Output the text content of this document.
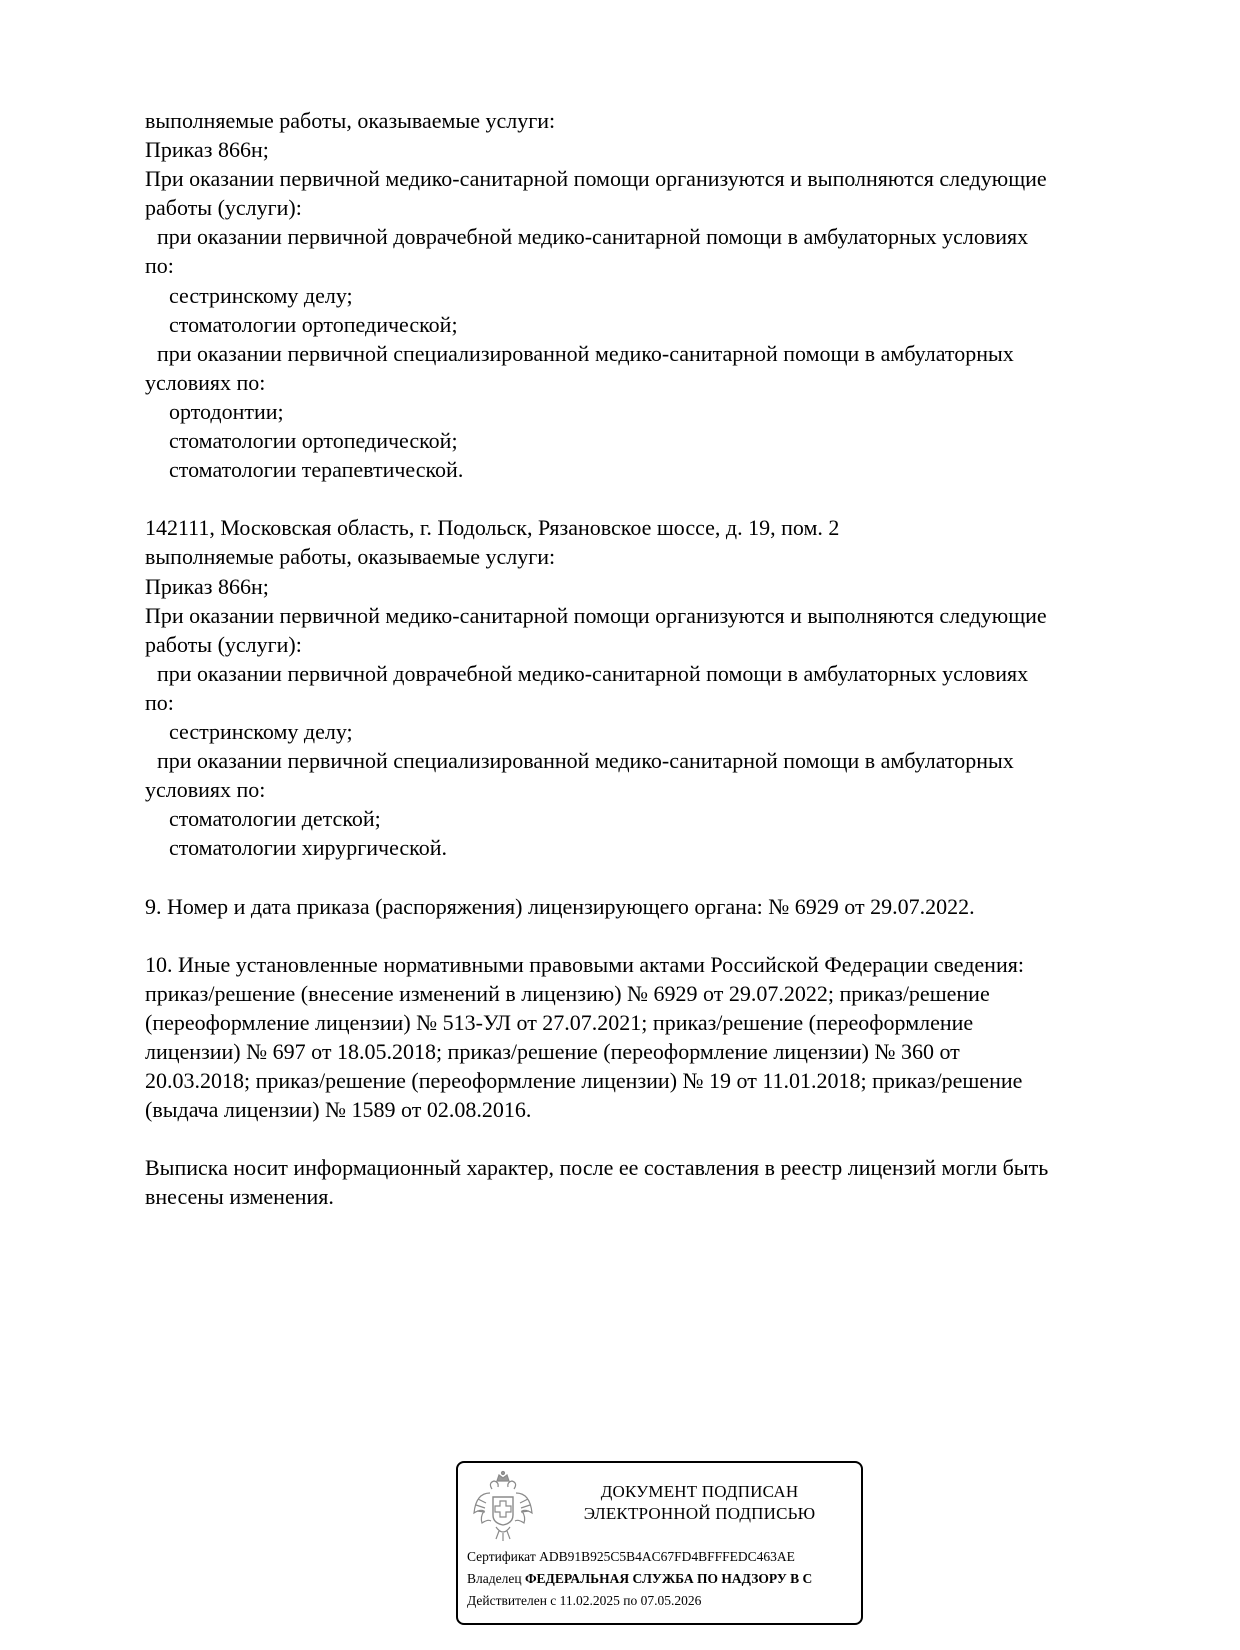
выполняемые работы, оказываемые услуги:
Приказ 866н;
При оказании первичной медико-санитарной помощи организуются и выполняются следующие
работы (услуги):
при оказании первичной доврачебной медико-санитарной помощи в амбулаторных условиях
по:
сестринскому делу;
стоматологии ортопедической;
при оказании первичной специализированной медико-санитарной помощи в амбулаторных
условиях по:
ортодонтии;
стоматологии ортопедической;
стоматологии терапевтической.
142111, Московская область, г. Подольск, Рязановское шоссе, д. 19, пом. 2
выполняемые работы, оказываемые услуги:
Приказ 866н;
При оказании первичной медико-санитарной помощи организуются и выполняются следующие
работы (услуги):
при оказании первичной доврачебной медико-санитарной помощи в амбулаторных условиях
по:
сестринскому делу;
при оказании первичной специализированной медико-санитарной помощи в амбулаторных
условиях по:
стоматологии детской;
стоматологии хирургической.
9. Номер и дата приказа (распоряжения) лицензирующего органа: № 6929 от 29.07.2022.
10. Иные установленные нормативными правовыми актами Российской Федерации сведения:
приказ/решение (внесение изменений в лицензию) № 6929 от 29.07.2022; приказ/решение
(переоформление лицензии) № 513-УЛ от 27.07.2021; приказ/решение (переоформление
лицензии) № 697 от 18.05.2018; приказ/решение (переоформление лицензии) № 360 от
20.03.2018; приказ/решение (переоформление лицензии) № 19 от 11.01.2018; приказ/решение
(выдача лицензии) № 1589 от 02.08.2016.
Выписка носит информационный характер, после ее составления в реестр лицензий могли быть
внесены изменения.
ДОКУМЕНТ ПОДПИСАН
ЭЛЕКТРОННОЙ ПОДПИСЬЮ
Сертификат ADB91B925C5B4AC67FD4BFFFEDC463AE
Владелец ФЕДЕРАЛЬНАЯ СЛУЖБА ПО НАДЗОРУ В С
Действителен с 11.02.2025 по 07.05.2026
